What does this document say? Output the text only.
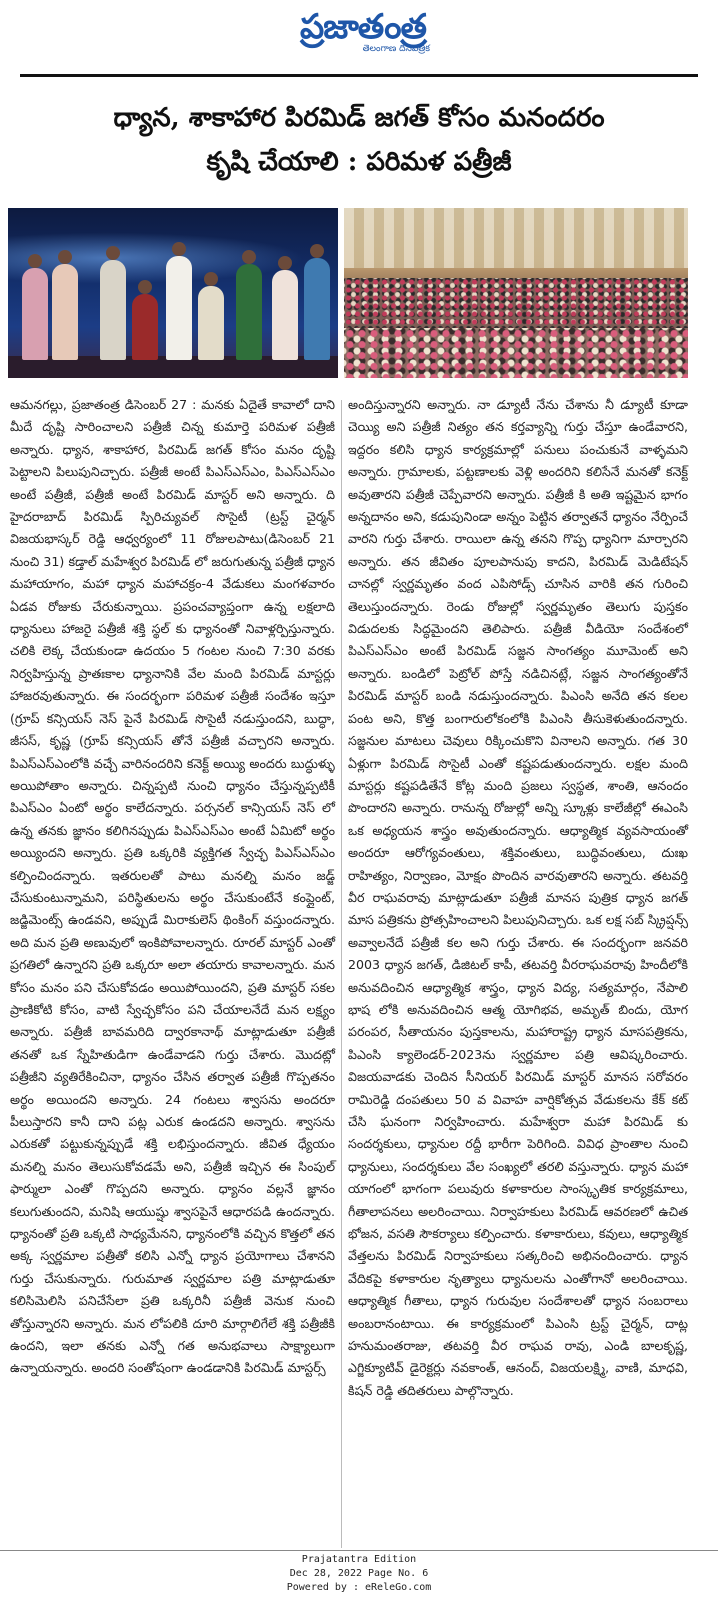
ప్రజాతంత్ర
తెలంగాణ దినపత్రిక
ధ్యాన, శాకాహార పిరమిడ్ జగత్ కోసం మనందరం
కృషి చేయాలి : పరిమళ పత్రీజీ
ఆమనగల్లు, ప్రజాతంత్ర డిసెంబర్ 27 : మనకు ఏదైతే కావాలో దాని మీదే దృష్టి సారించాలని పత్రీజీ చిన్న కుమార్తె పరిమళ పత్రీజీ అన్నారు. ధ్యాన, శాకాహార, పిరమిడ్ జగత్ కోసం మనం దృష్టి పెట్టాలని పిలుపునిచ్చారు. పత్రీజీ అంటే పిఎస్ఎస్ఎం, పిఎస్ఎస్ఎం అంటే పత్రీజీ, పత్రీజీ అంటే పిరమిడ్ మాస్టర్ అని అన్నారు. ది హైదరాబాద్ పిరమిడ్ స్పిరిచ్యువల్ సొసైటీ (ట్రస్ట్ చైర్మన్ విజయభాస్కర్ రెడ్డి ఆధ్వర్యంలో 11 రోజులపాటు(డిసెంబర్ 21 నుంచి 31) కడ్తాల్ మహేశ్వర పిరమిడ్ లో జరుగుతున్న పత్రీజీ ధ్యాన మహాయాగం, మహా ధ్యాన మహాచక్రం-4 వేడుకలు మంగళవారం ఏడవ రోజుకు చేరుకున్నాయి. ప్రపంచవ్యాప్తంగా ఉన్న లక్షలాది ధ్యానులు హాజరై పత్రీజీ శక్తి స్థల్ కు ధ్యానంతో నివాళ్లర్పిస్తున్నారు. చలికి లెక్క చేయకుండా ఉదయం 5 గంటల నుంచి 7:30 వరకు నిర్వహిస్తున్న ప్రాతఃకాల ధ్యానానికి వేల మంది పిరమిడ్ మాస్టర్లు హాజరవుతున్నారు. ఈ సందర్భంగా పరిమళ పత్రీజీ సందేశం ఇస్తూ (గ్రూప్ కన్సియస్ నెస్ పైనే పిరమిడ్ సొసైటీ నడుస్తుందని, బుద్ధా, జీసస్, కృష్ణ (గ్రూప్ కన్సియస్ తోనే పత్రీజీ వచ్చారని అన్నారు. పిఎస్ఎస్ఎంలోకి వచ్చే వారినందరిని కనెక్ట్ అయ్యి అందరు బుద్ధుళ్ళు అయిపోతాం అన్నారు. చిన్నప్పటి నుంచి ధ్యానం చేస్తున్నప్పటికీ పిఎస్ఎం ఏంటో అర్థం కాలేదన్నారు. పర్సనల్ కాన్సియస్ నెస్ లో ఉన్న తనకు జ్ఞానం కలిగినప్పుడు పిఎస్ఎస్ఎం అంటే ఏమిటో అర్థం అయ్యిందని అన్నారు. ప్రతి ఒక్కరికి వ్యక్తిగత స్వేచ్ఛ పిఎస్ఎస్ఎం కల్పించిందన్నారు. ఇతరులతో పాటు మనల్ని మనం జడ్జ్ చేసుకుంటున్నామని, పరిస్థితులను అర్థం చేసుకుంటేనే కంప్లైంట్, జడ్జిమెంట్స్ ఉండవని, అప్పుడే మిరాకులెస్ థింకింగ్ వస్తుందన్నారు. అది మన ప్రతి అణువులో ఇంకిపోవాలన్నారు. రూరల్ మాస్టర్ ఎంతో ప్రగతిలో ఉన్నారని ప్రతి ఒక్కరూ అలా తయారు కావాలన్నారు. మన కోసం మనం పని చేసుకోవడం అయిపోయిందని, ప్రతి మాస్టర్ సకల ప్రాణికోటి కోసం, వాటి స్వేచ్ఛకోసం పని చేయాలనేదే మన లక్ష్యం అన్నారు. పత్రీజీ బావమరిది ద్వారకానాథ్ మాట్లాడుతూ పత్రీజీ తనతో ఒక స్నేహితుడిగా ఉండేవాడని గుర్తు చేశారు. మొదట్లో పత్రీజీని వ్యతిరేకించినా, ధ్యానం చేసిన తర్వాత పత్రీజీ గొప్పతనం అర్థం అయిందని అన్నారు. 24 గంటలు శ్వాసను అందరూ పీలుస్తారని కానీ దాని పట్ల ఎరుక ఉండదని అన్నారు. శ్వాసను ఎరుకతో పట్టుకున్నప్పుడే శక్తి లభిస్తుందన్నారు. జీవిత ధ్యేయం మనల్ని మనం తెలుసుకోవడమే అని, పత్రీజీ ఇచ్చిన ఈ సింపుల్ ఫార్ములా ఎంతో గొప్పదని అన్నారు. ధ్యానం వల్లనే జ్ఞానం కలుగుతుందని, మనిషి ఆయుష్షు శ్వాసపైనే ఆధారపడి ఉందన్నారు. ధ్యానంతో ప్రతి ఒక్కటి సాధ్యమేనని, ధ్యానంలోకి వచ్చిన కొత్తలో తన అక్క స్వర్ణమాల పత్రీతో కలిసి ఎన్నో ధ్యాన ప్రయోగాలు చేశానని గుర్తు చేసుకున్నారు. గురుమాత స్వర్ణమాల పత్రి మాట్లాడుతూ కలిసిమెలిసి పనిచేసేలా ప్రతి ఒక్కరినీ పత్రీజీ వెనుక నుంచి తోస్తున్నారని అన్నారు. మన లోపలికి దూరి మార్గాలిగేలే శక్తి పత్రీజీకి ఉందని, ఇలా తనకు ఎన్నో గత అనుభవాలు సాక్ష్యాలుగా ఉన్నాయన్నారు. అందరి సంతోషంగా ఉండడానికి పిరమిడ్ మాస్టర్స్
అందిస్తున్నారని అన్నారు. నా డ్యూటీ నేను చేశాను నీ డ్యూటీ కూడా చెయ్యి అని పత్రీజీ నిత్యం తన కర్తవ్యాన్ని గుర్తు చేస్తూ ఉండేవారని, ఇద్దరం కలిసి ధ్యాన కార్యక్రమాల్లో పనులు పంచుకునే వాళ్ళమని అన్నారు. గ్రామాలకు, పట్టణాలకు వెళ్లి అందరిని కలిసేనే మనతో కనెక్ట్ అవుతారని పత్రీజీ చెప్పేవారని అన్నారు. పత్రీజీ కి అతి ఇష్టమైన భాగం అన్నదానం అని, కడుపునిండా అన్నం పెట్టిన తర్వాతనే ధ్యానం నేర్పించే వారని గుర్తు చేశారు. రాయిలా ఉన్న తనని గొప్ప ధ్యానిగా మార్చారని అన్నారు. తన జీవితం పూలపానుపు కాదని, పిరమిడ్ మెడిటేషన్ చానల్లో స్వర్ణమృతం వంద ఎపిసోడ్స్ చూసిన వారికి తన గురించి తెలుస్తుందన్నారు. రెండు రోజుల్లో స్వర్ణమృతం తెలుగు పుస్తకం విడుదలకు సిద్ధమైందని తెలిపారు. పత్రీజీ వీడియో సందేశంలో పిఎస్ఎస్ఎం అంటే పిరమిడ్ సజ్జన సాంగత్యం మూమెంట్ అని అన్నారు. బండిలో పెట్రోల్ పోస్తే నడిచినట్లే, సజ్జన సాంగత్యంతోనే పిరమిడ్ మాస్టర్ బండి నడుస్తుందన్నారు. పిఎంసి అనేది తన కలల పంట అని, కొత్త బంగారులోకంలోకి పిఎంసి తీసుకెళుతుందన్నారు. సజ్జనుల మాటలు చెవులు రిక్కించుకొని వినాలని అన్నారు. గత 30 ఏళ్లుగా పిరమిడ్ సొసైటీ ఎంతో కష్టపడుతుందన్నారు. లక్షల మంది మాస్టర్లు కష్టపడితేనే కోట్ల మంది ప్రజలు స్వస్థత, శాంతి, ఆనందం పొందారని అన్నారు. రానున్న రోజుల్లో అన్ని స్కూళ్లు కాలేజీల్లో ఈఎంసి ఒక అధ్యయన శాస్త్రం అవుతుందన్నారు. ఆధ్యాత్మిక వ్యవసాయంతో అందరూ ఆరోగ్యవంతులు, శక్తివంతులు, బుద్ధివంతులు, దుఃఖ రాహిత్యం, నిర్వాణం, మోక్షం పొందిన వారవుతారని అన్నారు. తటవర్తి వీర రాఘవరావు మాట్లాడుతూ పత్రీజీ మానస పుత్రిక ధ్యాన జగత్ మాస పత్రికను ప్రోత్సహించాలని పిలుపునిచ్చారు. ఒక లక్ష సబ్ స్క్రిప్షన్స్ అవ్వాలనేదే పత్రీజీ కల అని గుర్తు చేశారు. ఈ సందర్భంగా జనవరి 2003 ధ్యాన జగత్, డిజిటల్ కాపీ, తటవర్తి వీరరాఘవరావు హిందీలోకి అనువదించిన ఆధ్యాత్మిక శాస్త్రం, ధ్యాన విద్య, సత్యమార్గం, నేపాలి భాష లోకి అనువదించిన ఆత్మ యోగిభవ, అమృత్ బిందు, యోగ పరంపర, సీతాయనం పుస్తకాలను, మహారాష్ట్ర ధ్యాన మాసపత్రికను, పిఎంసి క్యాలెండర్-2023ను స్వర్ణమాల పత్రి ఆవిష్కరించారు. విజయవాడకు చెందిన సీనియర్ పిరమిడ్ మాస్టర్ మానస సరోవరం రామిరెడ్డి దంపతులు 50 వ వివాహ వార్షికోత్సవ వేడుకలను కేక్ కట్ చేసి ఘనంగా నిర్వహించారు. మహేశ్వరా మహా పిరమిడ్ కు సందర్శకులు, ధ్యానుల రద్దీ భారీగా పెరిగింది. వివిధ ప్రాంతాల నుంచి ధ్యానులు, సందర్శకులు వేల సంఖ్యలో తరలి వస్తున్నారు. ధ్యాన మహా యాగంలో భాగంగా పలువురు కళాకారుల సాంస్కృతిక కార్యక్రమాలు, గీతాలాపనలు అలరించాయి. నిర్వాహకులు పిరమిడ్ ఆవరణలో ఉచిత భోజన, వసతి సౌకర్యాలు కల్పించారు. కళాకారులు, కవులు, ఆధ్యాత్మిక వేత్తలను పిరమిడ్ నిర్వాహకులు సత్కరించి అభినందించారు. ధ్యాన వేదికపై కళాకారుల నృత్యాలు ధ్యానులను ఎంతోగానో అలరించాయి. ఆధ్యాత్మిక గీతాలు, ధ్యాన గురువుల సందేశాలతో ధ్యాన సంబరాలు అంబరానంటాయి. ఈ కార్యక్రమంలో పిఎంసి ట్రస్ట్ చైర్మన్, దాట్ల హనుమంతరాజు, తటవర్తి వీర రాఘవ రావు, ఎండి బాలకృష్ణ, ఎగ్జిక్యూటివ్ డైరెక్టర్లు నవకాంత్, ఆనంద్, విజయలక్ష్మి, వాణి, మాధవి, కిషన్ రెడ్డి తదితరులు పాల్గొన్నారు.
Prajatantra Edition
Dec 28, 2022 Page No. 6
Powered by : eReleGo.com
